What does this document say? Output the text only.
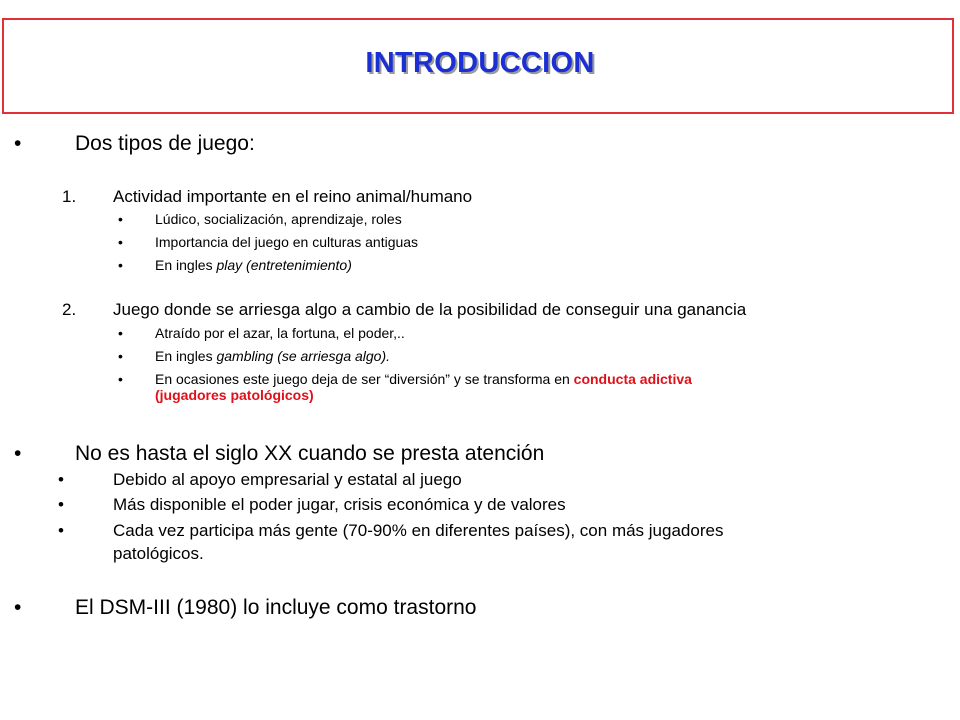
INTRODUCCION
•	Dos tipos de juego:
1. Actividad importante en el reino animal/humano
• Lúdico, socialización, aprendizaje, roles
• Importancia del juego en culturas antiguas
• En ingles play (entretenimiento)
2. Juego donde se arriesga algo a cambio de la posibilidad de conseguir una ganancia
• Atraído por el azar, la fortuna, el poder,..
• En ingles gambling (se arriesga algo).
• En ocasiones este juego deja de ser “diversión” y se transforma en conducta adictiva
(jugadores patológicos)
•	No es hasta el siglo XX cuando se presta atención
•	Debido al apoyo empresarial y estatal al juego
•	Más disponible el poder jugar, crisis económica y de valores
•	Cada vez participa más gente (70-90% en diferentes países), con más jugadores
patológicos.
•	El DSM-III (1980) lo incluye como trastorno
